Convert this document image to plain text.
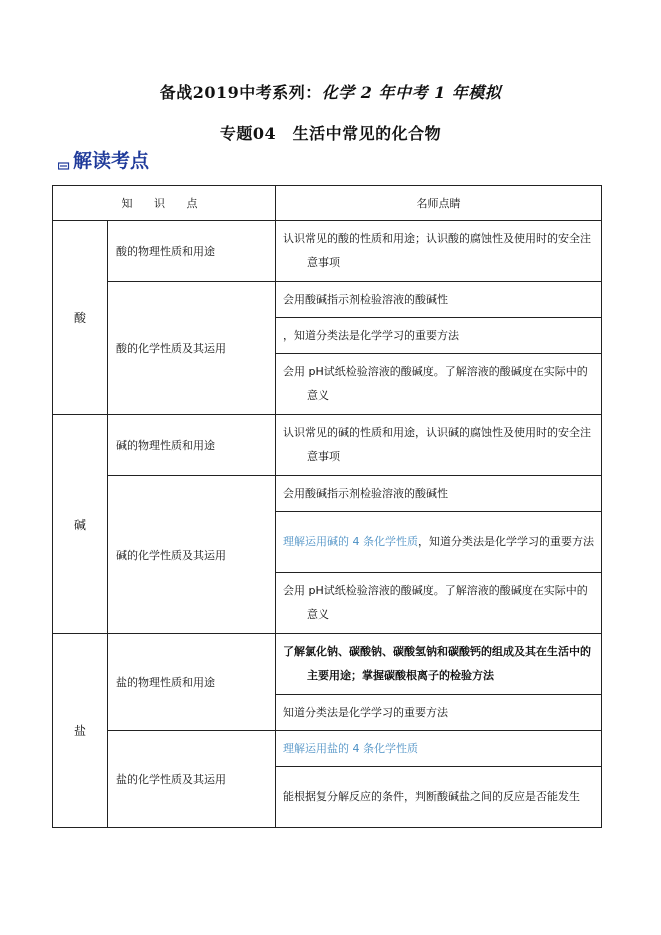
备战2019中考系列：化学 2 年中考 1 年模拟
专题04　生活中常见的化合物
解读考点
知 识 点		名师点睛
酸	酸的物理性质和用途	认识常见的酸的性质和用途；认识酸的腐蚀性及使用时的安全注意事项

	酸的化学性质及其运用	会用酸碱指示剂检验溶液的酸碱性

		，知道分类法是化学学习的重要方法

		会用 pH试纸检验溶液的酸碱度。了解溶液的酸碱度在实际中的意义

碱	碱的物理性质和用途	认识常见的碱的性质和用途，认识碱的腐蚀性及使用时的安全注意事项

	碱的化学性质及其运用	会用酸碱指示剂检验溶液的酸碱性

		理解运用碱的 4 条化学性质，知道分类法是化学学习的重要方法

		会用 pH试纸检验溶液的酸碱度。了解溶液的酸碱度在实际中的意义

盐	盐的物理性质和用途	了解氯化钠、碳酸钠、碳酸氢钠和碳酸钙的组成及其在生活中的主要用途；掌握碳酸根离子的检验方法

		知道分类法是化学学习的重要方法

	盐的化学性质及其运用	理解运用盐的 4 条化学性质

		能根据复分解反应的条件，判断酸碱盐之间的反应是否能发生
